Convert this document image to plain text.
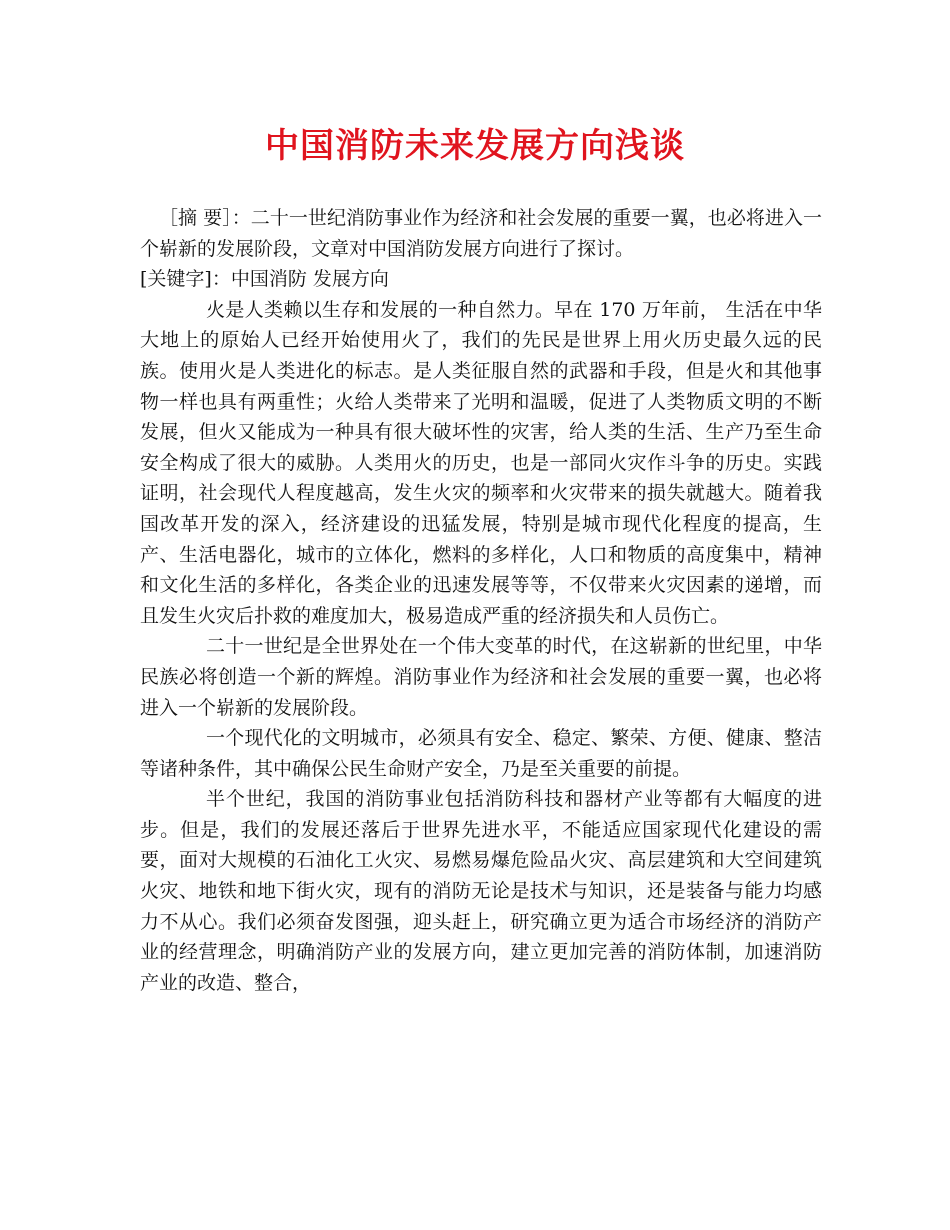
中国消防未来发展方向浅谈

［摘 要］：二十一世纪消防事业作为经济和社会发展的重要一翼，也必将进入一个崭新的发展阶段，文章对中国消防发展方向进行了探讨。

[关键字]：中国消防 发展方向

火是人类赖以生存和发展的一种自然力。早在 170 万年前， 生活在中华大地上的原始人已经开始使用火了，我们的先民是世界上用火历史最久远的民族。使用火是人类进化的标志。是人类征服自然的武器和手段，但是火和其他事物一样也具有两重性；火给人类带来了光明和温暖，促进了人类物质文明的不断发展，但火又能成为一种具有很大破坏性的灾害，给人类的生活、生产乃至生命安全构成了很大的威胁。人类用火的历史，也是一部同火灾作斗争的历史。实践证明，社会现代人程度越高，发生火灾的频率和火灾带来的损失就越大。随着我国改革开发的深入，经济建设的迅猛发展，特别是城市现代化程度的提高，生产、生活电器化，城市的立体化，燃料的多样化，人口和物质的高度集中，精神和文化生活的多样化，各类企业的迅速发展等等，不仅带来火灾因素的递增，而且发生火灾后扑救的难度加大，极易造成严重的经济损失和人员伤亡。

二十一世纪是全世界处在一个伟大变革的时代，在这崭新的世纪里，中华民族必将创造一个新的辉煌。消防事业作为经济和社会发展的重要一翼，也必将进入一个崭新的发展阶段。

一个现代化的文明城市，必须具有安全、稳定、繁荣、方便、健康、整洁等诸种条件，其中确保公民生命财产安全，乃是至关重要的前提。

半个世纪，我国的消防事业包括消防科技和器材产业等都有大幅度的进步。但是，我们的发展还落后于世界先进水平，不能适应国家现代化建设的需要，面对大规模的石油化工火灾、易燃易爆危险品火灾、高层建筑和大空间建筑火灾、地铁和地下街火灾，现有的消防无论是技术与知识，还是装备与能力均感力不从心。我们必须奋发图强，迎头赶上，研究确立更为适合市场经济的消防产业的经营理念，明确消防产业的发展方向，建立更加完善的消防体制，加速消防产业的改造、整合，
